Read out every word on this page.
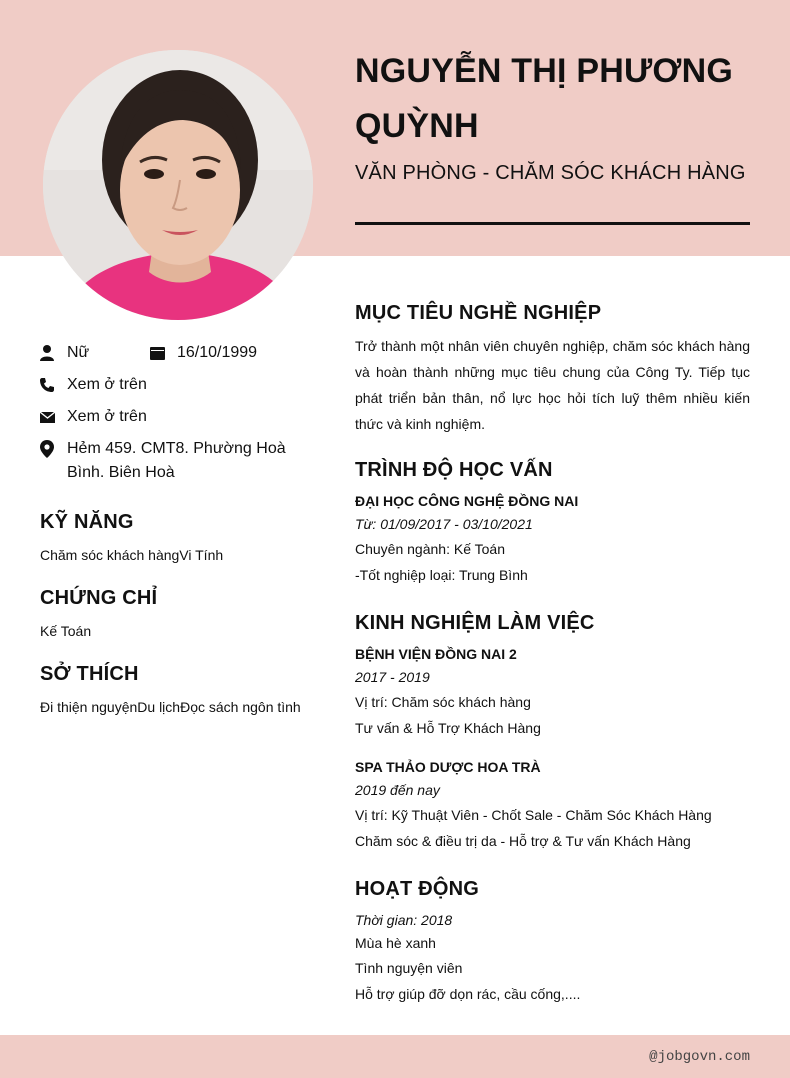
NGUYỄN THỊ PHƯƠNG QUỲNH
VĂN PHÒNG - CHĂM SÓC KHÁCH HÀNG
Nữ	16/10/1999
Xem ở trên
Xem ở trên
Hẻm 459. CMT8. Phường Hoà Bình. Biên Hoà
KỸ NĂNG
Chăm sóc khách hàngVi Tính
CHỨNG CHỈ
Kế Toán
SỞ THÍCH
Đi thiện nguyệnDu lịchĐọc sách ngôn tình
MỤC TIÊU NGHỀ NGHIỆP

Trở thành một nhân viên chuyên nghiệp, chăm sóc khách hàng và hoàn thành những mục tiêu chung của Công Ty. Tiếp tục phát triển bản thân, nổ lực học hỏi tích luỹ thêm nhiều kiến thức và kinh nghiệm.

TRÌNH ĐỘ HỌC VẤN
ĐẠI HỌC CÔNG NGHỆ ĐỒNG NAI
Từ: 01/09/2017 - 03/10/2021
Chuyên ngành: Kế Toán
-Tốt nghiệp loại: Trung Bình
KINH NGHIỆM LÀM VIỆC
BỆNH VIỆN ĐỒNG NAI 2
2017 - 2019
Vị trí: Chăm sóc khách hàng
Tư vấn & Hỗ Trợ Khách Hàng
SPA THẢO DƯỢC HOA TRÀ
2019 đến nay
Vị trí: Kỹ Thuật Viên - Chốt Sale - Chăm Sóc Khách Hàng
Chăm sóc & điều trị da - Hỗ trợ & Tư vấn Khách Hàng
HOẠT ĐỘNG
Thời gian: 2018
Mùa hè xanh
Tình nguyện viên
Hỗ trợ giúp đỡ dọn rác, cầu cống,....
@jobgovn.com
